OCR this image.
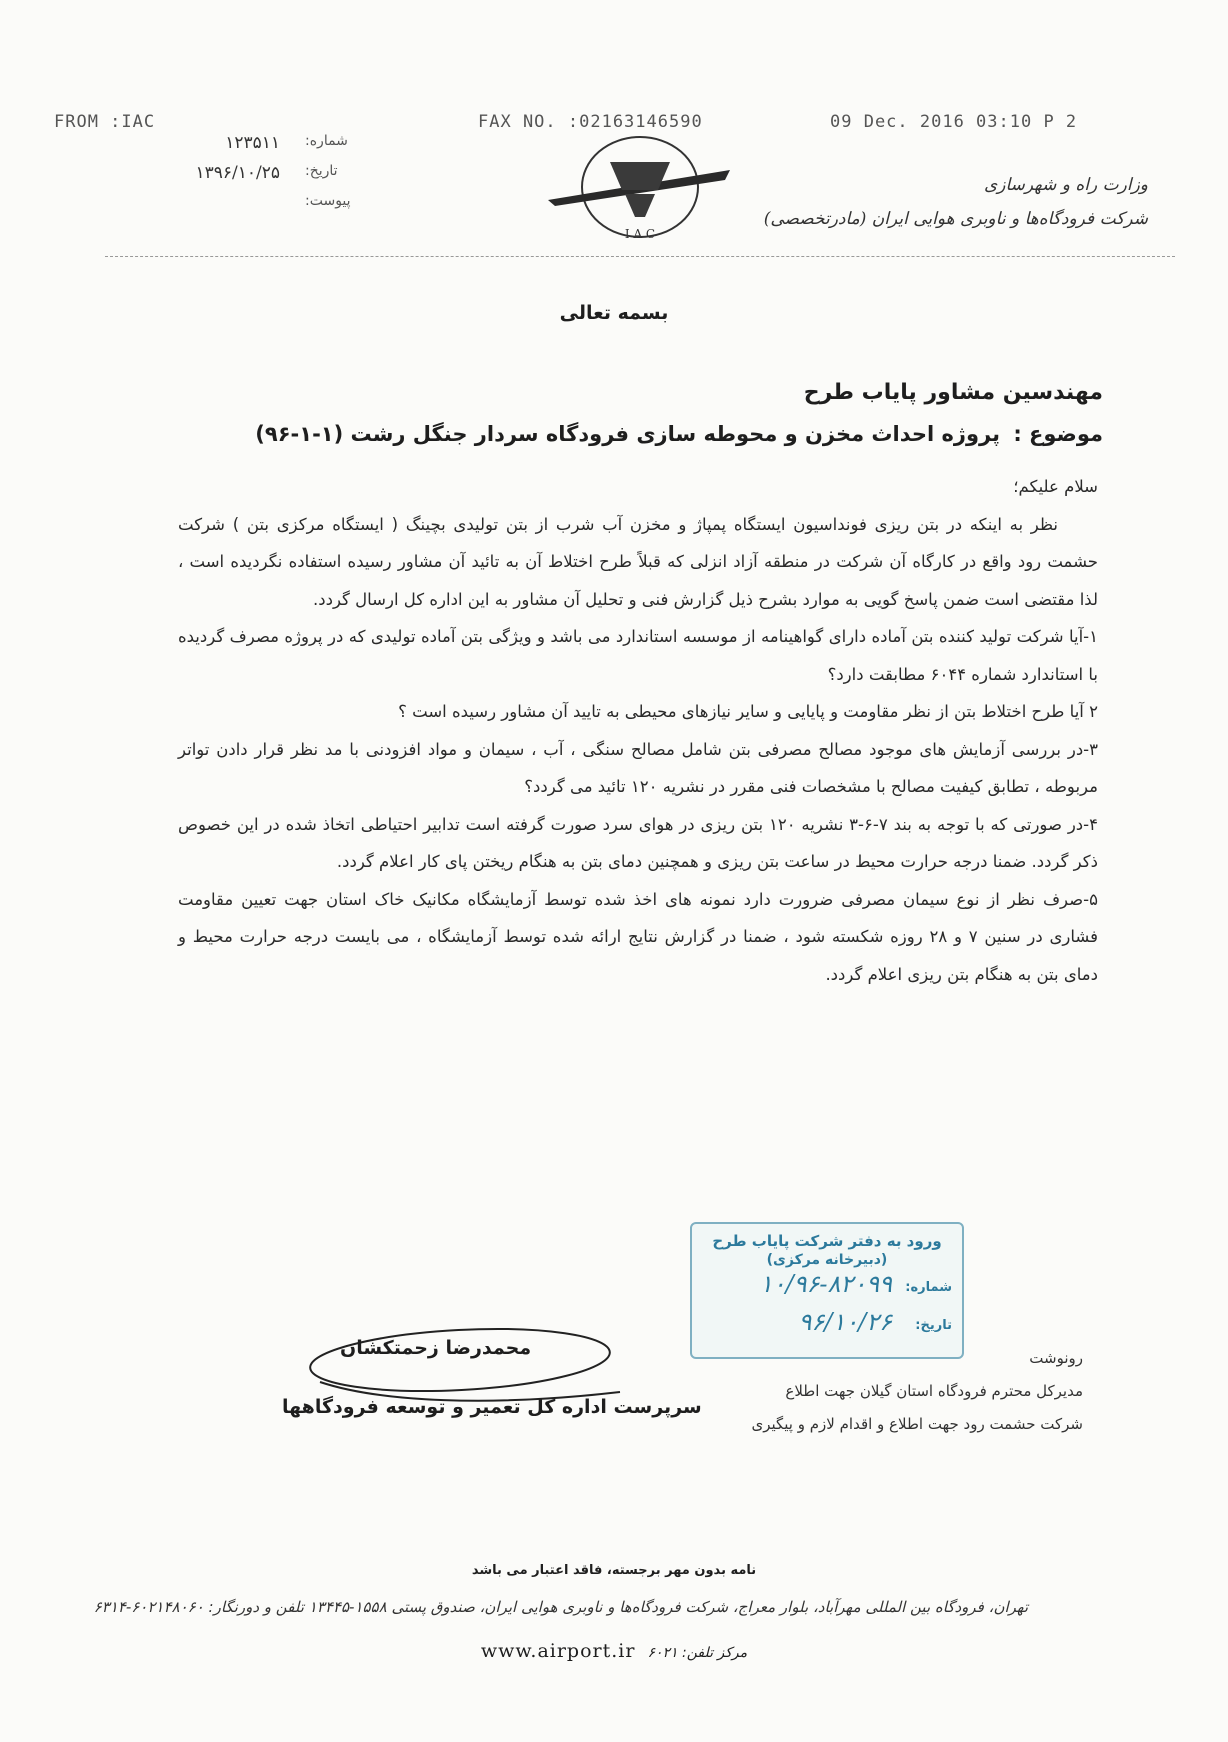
FROM :IAC	FAX NO. :02163146590	09 Dec. 2016 03:10 P 2
۱۲۳۵۱۱ شماره:
۱۳۹۶/۱۰/۲۵ تاریخ:
پیوست:
I A C
وزارت راه و شهرسازی
شرکت فرودگاه‌ها و ناوبری هوایی ایران (مادرتخصصی)
بسمه تعالی
مهندسین مشاور پایاب طرح
موضوع : پروژه احداث مخزن و محوطه سازی فرودگاه سردار جنگل رشت (۱-۱-۹۶)

سلام علیکم؛

نظر به اینکه در بتن ریزی فونداسیون ایستگاه پمپاژ و مخزن آب شرب از بتن تولیدی بچینگ ( ایستگاه مرکزی بتن ) شرکت حشمت رود واقع در کارگاه آن شرکت در منطقه آزاد انزلی که قبلاً طرح اختلاط آن به تائید آن مشاور رسیده استفاده نگردیده است ، لذا مقتضی است ضمن پاسخ گویی به موارد بشرح ذیل گزارش فنی و تحلیل آن مشاور به این اداره کل ارسال گردد.

۱-آیا شرکت تولید کننده بتن آماده دارای گواهینامه از موسسه استاندارد می باشد و ویژگی بتن آماده تولیدی که در پروژه مصرف گردیده با استاندارد شماره ۶۰۴۴ مطابقت دارد؟

۲ آیا طرح اختلاط بتن از نظر مقاومت و پایایی و سایر نیازهای محیطی به تایید آن مشاور رسیده است ؟

۳-در بررسی آزمایش های موجود مصالح مصرفی بتن شامل مصالح سنگی ، آب ، سیمان و مواد افزودنی با مد نظر قرار دادن تواتر مربوطه ، تطابق کیفیت مصالح با مشخصات فنی مقرر در نشریه ۱۲۰ تائید می گردد؟

۴-در صورتی که با توجه به بند ۷-۶-۳ نشریه ۱۲۰ بتن ریزی در هوای سرد صورت گرفته است تدابیر احتیاطی اتخاذ شده در این خصوص ذکر گردد. ضمنا درجه حرارت محیط در ساعت بتن ریزی و همچنین دمای بتن به هنگام ریختن پای کار اعلام گردد.

۵-صرف نظر از نوع سیمان مصرفی ضرورت دارد نمونه های اخذ شده توسط آزمایشگاه مکانیک خاک استان جهت تعیین مقاومت فشاری در سنین ۷ و ۲۸ روزه شکسته شود ، ضمنا در گزارش نتایج ارائه شده توسط آزمایشگاه ، می بایست درجه حرارت محیط و دمای بتن به هنگام بتن ریزی اعلام گردد.

ورود به دفتر شرکت پایاب طرح
(دبیرخانه مرکزی)
شماره:
۱۰/۹۶-۸۲۰۹۹
تاریخ:
۹۶/۱۰/۲۶
محمدرضا زحمتکشان
سرپرست اداره کل تعمیر و توسعه فرودگاهها
رونوشت
مدیرکل محترم فرودگاه استان گیلان جهت اطلاع
شرکت حشمت رود جهت اطلاع و اقدام لازم و پیگیری
نامه بدون مهر برجسته، فاقد اعتبار می باشد
تهران، فرودگاه بین المللی مهرآباد، بلوار معراج، شرکت فرودگاه‌ها و ناوبری هوایی ایران، صندوق پستی ۱۵۵۸-۱۳۴۴۵ تلفن و دورنگار: ۶۰۲۱۴۸۰۶۰-۶۳۱۴
www.airport.ir مرکز تلفن: ۶۰۲۱
